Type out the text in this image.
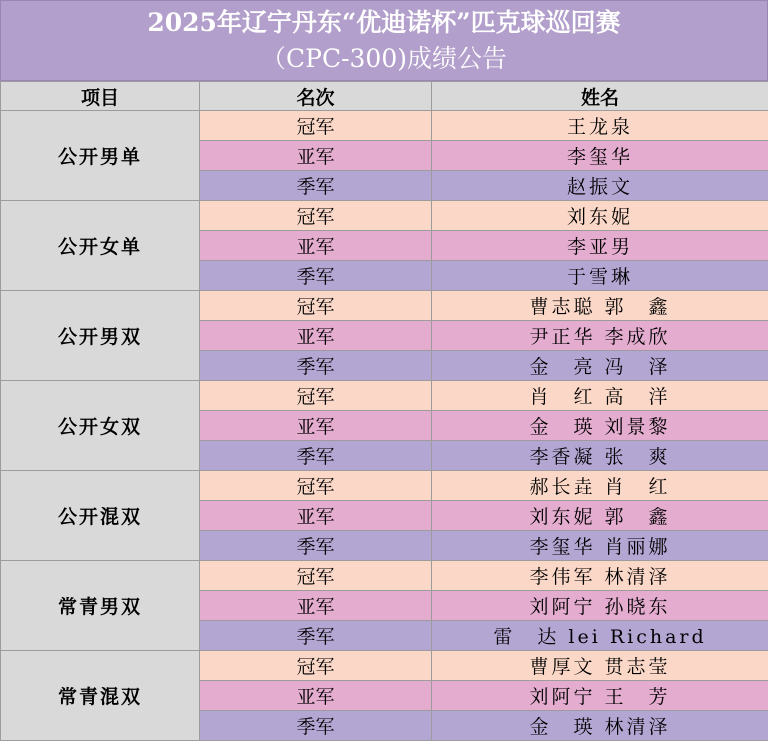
2025年辽宁丹东“优迪诺杯”匹克球巡回赛
（CPC-300)成绩公告
项目	名次	姓名
公开男单	冠军	王龙泉
	亚军	李玺华
	季军	赵振文
公开女单	冠军	刘东妮
	亚军	李亚男
	季军	于雪琳
公开男双	冠军	曹志聪 郭　鑫
	亚军	尹正华 李成欣
	季军	金　亮 冯　泽
公开女双	冠军	肖　红 高　洋
	亚军	金　瑛 刘景黎
	季军	李香凝 张　爽
公开混双	冠军	郝长垚 肖　红
	亚军	刘东妮 郭　鑫
	季军	李玺华 肖丽娜
常青男双	冠军	李伟军 林清泽
	亚军	刘阿宁 孙晓东
	季军	雷　达 lei Richard
常青混双	冠军	曹厚文 贯志莹
	亚军	刘阿宁 王　芳
	季军	金　瑛 林清泽
